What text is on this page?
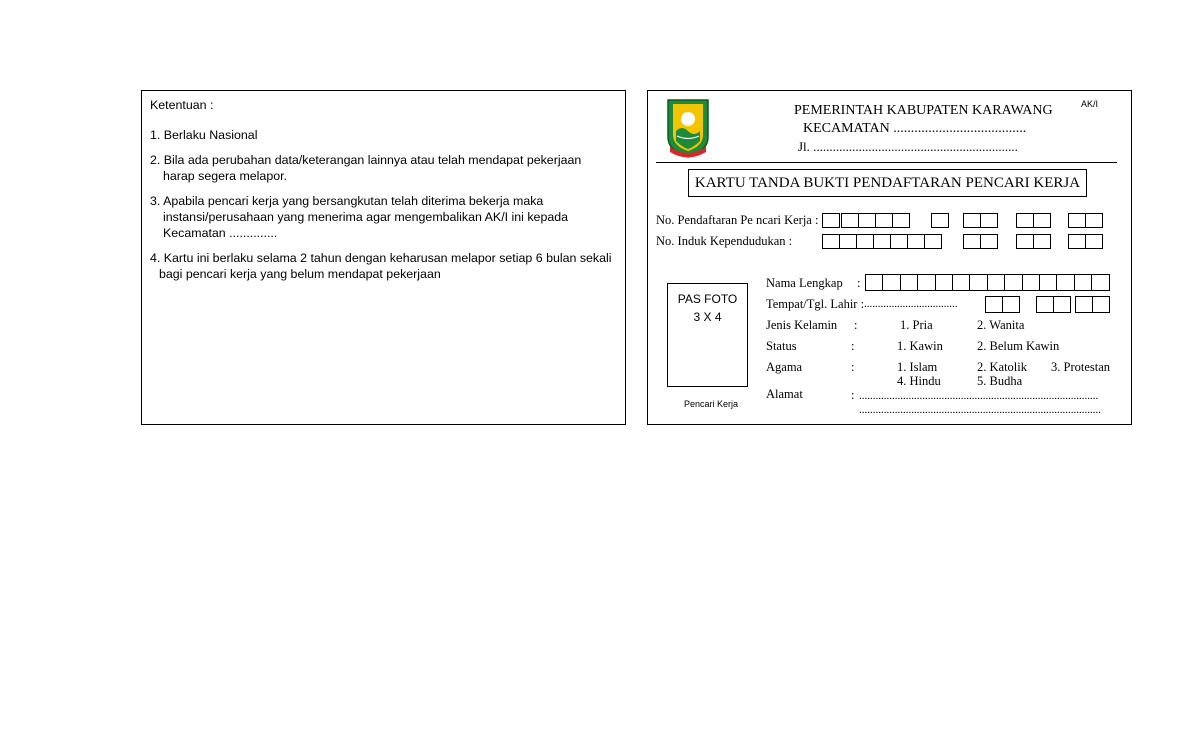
Ketentuan :
1. Berlaku Nasional
2. Bila ada perubahan data/keterangan lainnya atau telah mendapat pekerjaan
harap segera melapor.
3. Apabila pencari kerja yang bersangkutan telah diterima bekerja maka
instansi/perusahaan yang menerima agar mengembalikan AK/I ini kepada
Kecamatan ..............
4. Kartu ini berlaku selama 2 tahun dengan keharusan melapor setiap 6 bulan sekali
bagi pencari kerja yang belum mendapat pekerjaan
AK/I
PEMERINTAH KABUPATEN KARAWANG
KECAMATAN ......................................
Jl. ...............................................................
KARTU TANDA BUKTI PENDAFTARAN PENCARI KERJA
No. Pendaftaran Pe ncari Kerja :
No. Induk Kependudukan :
PAS FOTO
3 X 4
Pencari Kerja
Nama Lengkap :
Tempat/Tgl. Lahir : ..................................
Jenis Kelamin :	1. Pria	2. Wanita
Status	:	1. Kawin	2. Belum Kawin
Agama	:	1. Islam	2. Katolik 3. Protestan
4. Hindu	5. Budha
Alamat	: .......................................................................................
........................................................................................
